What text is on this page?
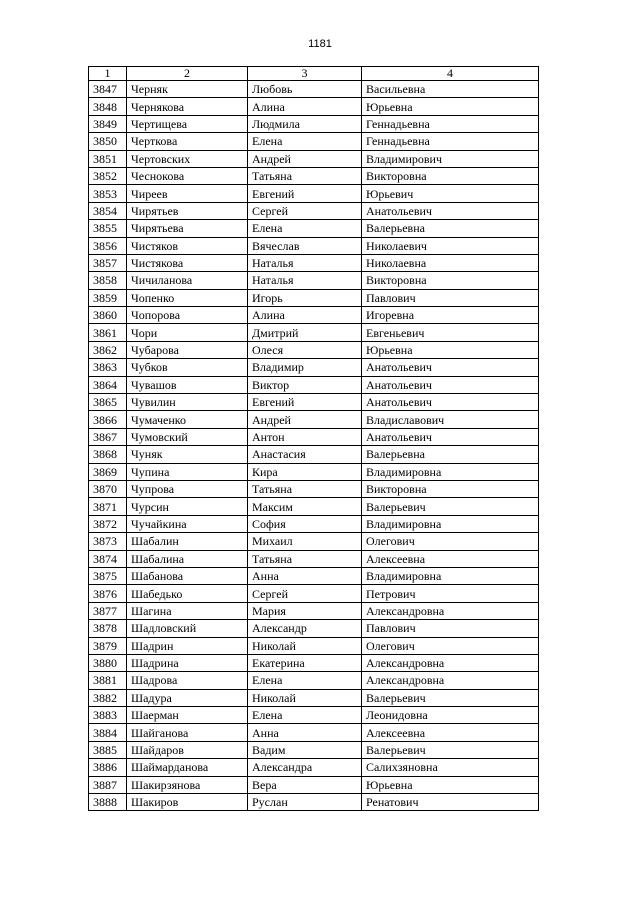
1181
1	2	3	4
3847	Черняк	Любовь	Васильевна
3848	Чернякова	Алина	Юрьевна
3849	Чертищева	Людмила	Геннадьевна
3850	Черткова	Елена	Геннадьевна
3851	Чертовских	Андрей	Владимирович
3852	Чеснокова	Татьяна	Викторовна
3853	Чиреев	Евгений	Юрьевич
3854	Чирятьев	Сергей	Анатольевич
3855	Чирятьева	Елена	Валерьевна
3856	Чистяков	Вячеслав	Николаевич
3857	Чистякова	Наталья	Николаевна
3858	Чичиланова	Наталья	Викторовна
3859	Чопенко	Игорь	Павлович
3860	Чопорова	Алина	Игоревна
3861	Чори	Дмитрий	Евгеньевич
3862	Чубарова	Олеся	Юрьевна
3863	Чубков	Владимир	Анатольевич
3864	Чувашов	Виктор	Анатольевич
3865	Чувилин	Евгений	Анатольевич
3866	Чумаченко	Андрей	Владиславович
3867	Чумовский	Антон	Анатольевич
3868	Чуняк	Анастасия	Валерьевна
3869	Чупина	Кира	Владимировна
3870	Чупрова	Татьяна	Викторовна
3871	Чурсин	Максим	Валерьевич
3872	Чучайкина	София	Владимировна
3873	Шабалин	Михаил	Олегович
3874	Шабалина	Татьяна	Алексеевна
3875	Шабанова	Анна	Владимировна
3876	Шабедько	Сергей	Петрович
3877	Шагина	Мария	Александровна
3878	Шадловский	Александр	Павлович
3879	Шадрин	Николай	Олегович
3880	Шадрина	Екатерина	Александровна
3881	Шадрова	Елена	Александровна
3882	Шадура	Николай	Валерьевич
3883	Шаерман	Елена	Леонидовна
3884	Шайганова	Анна	Алексеевна
3885	Шайдаров	Вадим	Валерьевич
3886	Шаймарданова	Александра	Салихзяновна
3887	Шакирзянова	Вера	Юрьевна
3888	Шакиров	Руслан	Ренатович
